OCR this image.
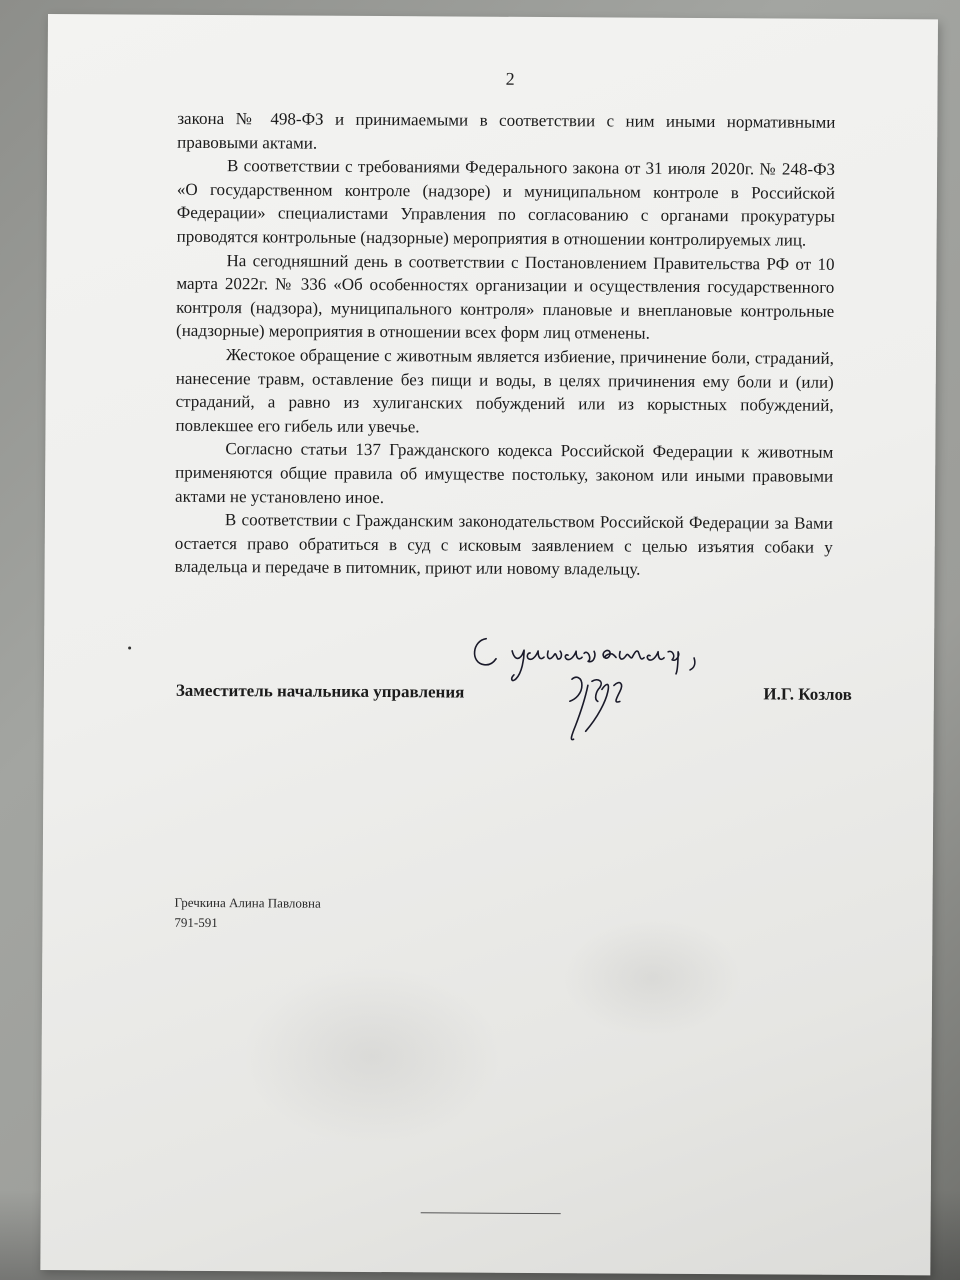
2

закона № 498-ФЗ и принимаемыми в соответствии с ним иными нормативными правовыми актами.

В соответствии с требованиями Федерального закона от 31 июля 2020г. № 248-ФЗ «О государственном контроле (надзоре) и муниципальном контроле в Российской Федерации» специалистами Управления по согласованию с органами прокуратуры проводятся контрольные (надзорные) мероприятия в отношении контролируемых лиц.

На сегодняшний день в соответствии с Постановлением Правительства РФ от 10 марта 2022г. № 336 «Об особенностях организации и осуществления государственного контроля (надзора), муниципального контроля» плановые и внеплановые контрольные (надзорные) мероприятия в отношении всех форм лиц отменены.

Жестокое обращение с животным является избиение, причинение боли, страданий, нанесение травм, оставление без пищи и воды, в целях причинения ему боли и (или) страданий, а равно из хулиганских побуждений или из корыстных побуждений, повлекшее его гибель или увечье.

Согласно статьи 137 Гражданского кодекса Российской Федерации к животным применяются общие правила об имуществе постольку, законом или иными правовыми актами не установлено иное.

В соответствии с Гражданским законодательством Российской Федерации за Вами остается право обратиться в суд с исковым заявлением с целью изъятия собаки у владельца и передаче в питомник, приют или новому владельцу.

Заместитель начальника управления	И.Г. Козлов
Гречкина Алина Павловна
791-591
